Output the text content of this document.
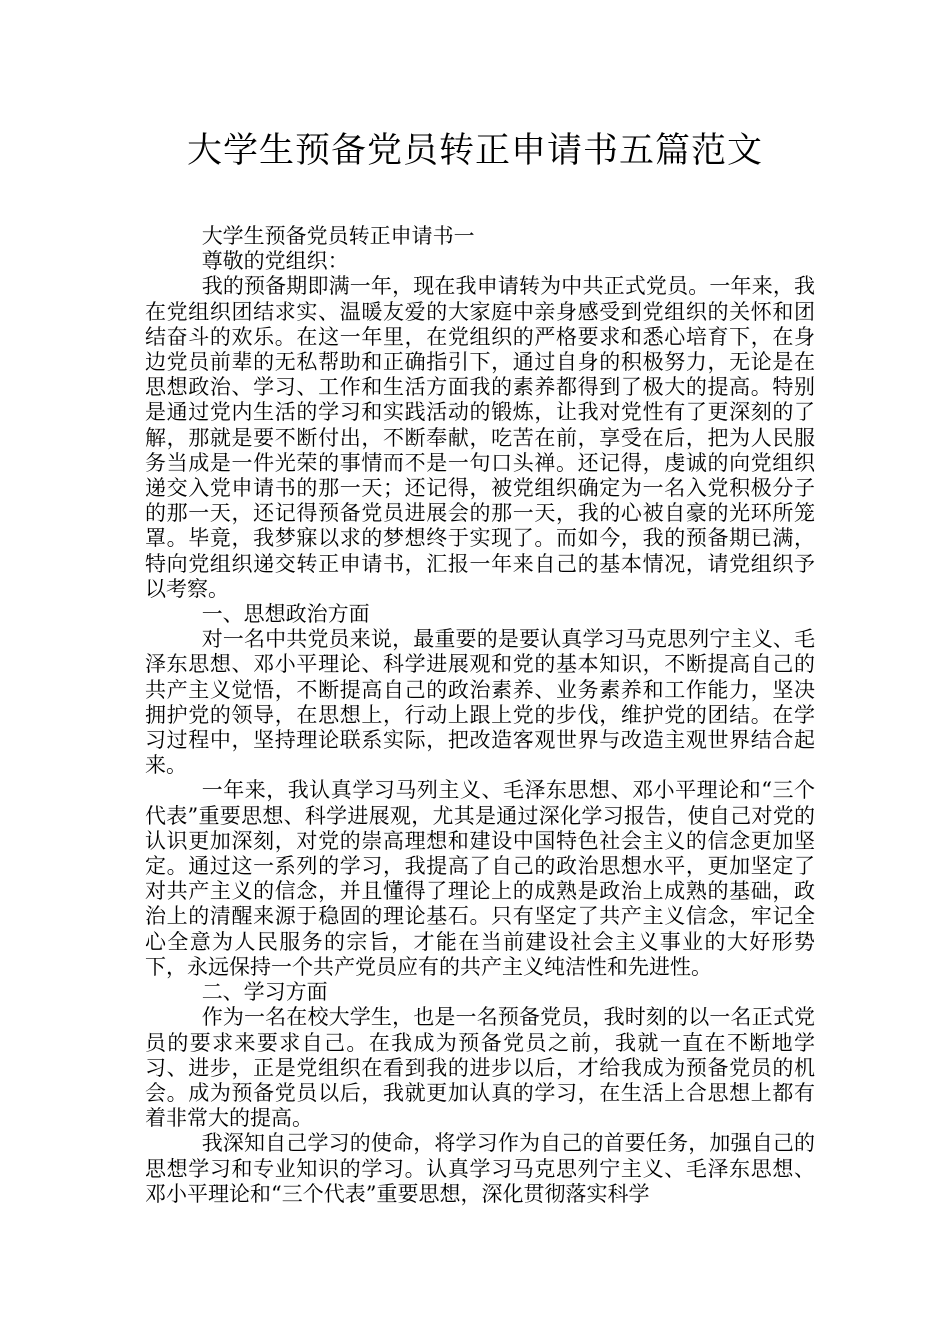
大学生预备党员转正申请书五篇范文

大学生预备党员转正申请书一

尊敬的党组织：

我的预备期即满一年，现在我申请转为中共正式党员。一年来，我在党组织团结求实、温暖友爱的大家庭中亲身感受到党组织的关怀和团结奋斗的欢乐。在这一年里，在党组织的严格要求和悉心培育下，在身边党员前辈的无私帮助和正确指引下，通过自身的积极努力，无论是在思想政治、学习、工作和生活方面我的素养都得到了极大的提高。特别是通过党内生活的学习和实践活动的锻炼，让我对党性有了更深刻的了解，那就是要不断付出，不断奉献，吃苦在前，享受在后，把为人民服务当成是一件光荣的事情而不是一句口头禅。还记得，虔诚的向党组织递交入党申请书的那一天；还记得，被党组织确定为一名入党积极分子的那一天，还记得预备党员进展会的那一天，我的心被自豪的光环所笼罩。毕竟，我梦寐以求的梦想终于实现了。而如今，我的预备期已满，特向党组织递交转正申请书，汇报一年来自己的基本情况，请党组织予以考察。

一、思想政治方面

对一名中共党员来说，最重要的是要认真学习马克思列宁主义、毛泽东思想、邓小平理论、科学进展观和党的基本知识，不断提高自己的共产主义觉悟，不断提高自己的政治素养、业务素养和工作能力，坚决拥护党的领导，在思想上，行动上跟上党的步伐，维护党的团结。在学习过程中，坚持理论联系实际，把改造客观世界与改造主观世界结合起来。

一年来，我认真学习马列主义、毛泽东思想、邓小平理论和“三个代表”重要思想、科学进展观，尤其是通过深化学习报告，使自己对党的认识更加深刻，对党的崇高理想和建设中国特色社会主义的信念更加坚定。通过这一系列的学习，我提高了自己的政治思想水平，更加坚定了对共产主义的信念，并且懂得了理论上的成熟是政治上成熟的基础，政治上的清醒来源于稳固的理论基石。只有坚定了共产主义信念，牢记全心全意为人民服务的宗旨，才能在当前建设社会主义事业的大好形势下，永远保持一个共产党员应有的共产主义纯洁性和先进性。

二、学习方面

作为一名在校大学生，也是一名预备党员，我时刻的以一名正式党员的要求来要求自己。在我成为预备党员之前，我就一直在不断地学习、进步，正是党组织在看到我的进步以后，才给我成为预备党员的机会。成为预备党员以后，我就更加认真的学习，在生活上合思想上都有着非常大的提高。

我深知自己学习的使命，将学习作为自己的首要任务，加强自己的思想学习和专业知识的学习。认真学习马克思列宁主义、毛泽东思想、邓小平理论和“三个代表”重要思想，深化贯彻落实科学
